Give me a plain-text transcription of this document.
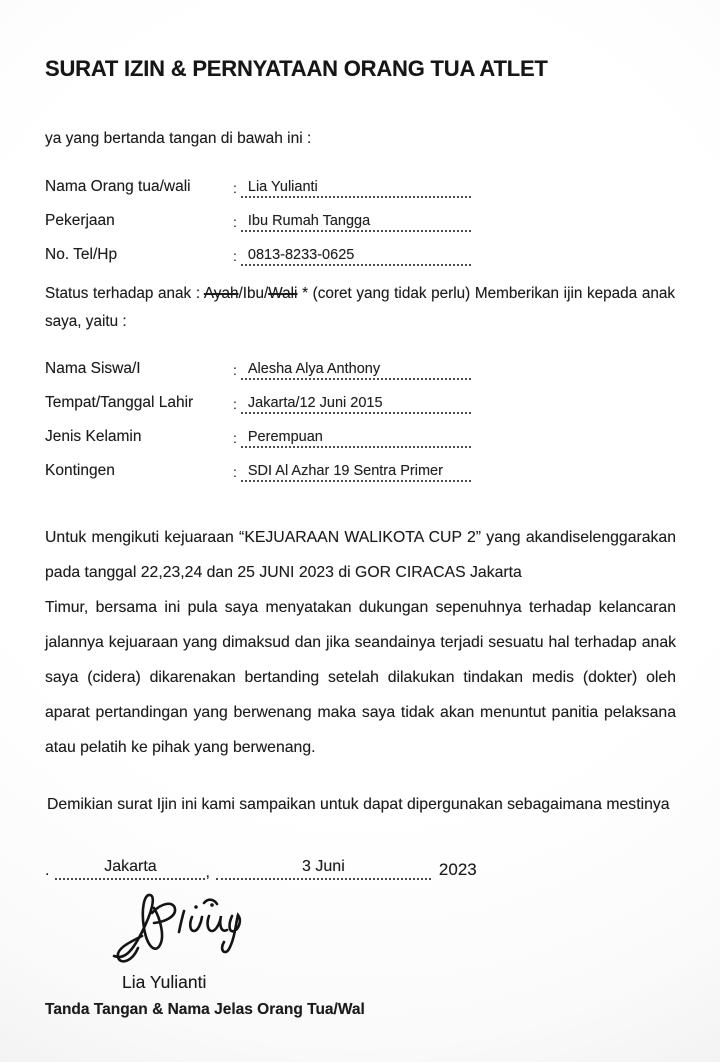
SURAT IZIN & PERNYATAAN ORANG TUA ATLET

ya yang bertanda tangan di bawah ini :

Nama Orang tua/wali	: Lia Yulianti
Pekerjaan	: Ibu Rumah Tangga
No. Tel/Hp	: 0813-8233-0625

Status terhadap anak : Ayah/Ibu/Wali * (coret yang tidak perlu) Memberikan ijin kepada anak saya, yaitu :

Nama Siswa/I	: Alesha Alya Anthony
Tempat/Tanggal Lahir	: Jakarta/12 Juni 2015
Jenis Kelamin	: Perempuan
Kontingen	: SDI Al Azhar 19 Sentra Primer

Untuk mengikuti kejuaraan “KEJUARAAN WALIKOTA CUP 2” yang akandiselenggarakan pada tanggal 22,23,24 dan 25 JUNI 2023 di GOR CIRACAS Jakarta

Timur, bersama ini pula saya menyatakan dukungan sepenuhnya terhadap kelancaran jalannya kejuaraan yang dimaksud dan jika seandainya terjadi sesuatu hal terhadap anak saya (cidera) dikarenakan bertanding setelah dilakukan tindakan medis (dokter) oleh aparat pertandingan yang berwenang maka saya tidak akan menuntut panitia pelaksana atau pelatih ke pihak yang berwenang.

Demikian surat Ijin ini kami sampaikan untuk dapat dipergunakan sebagaimana mestinya

.	Jakarta	,	3 Juni	2023
Lia Yulianti
Tanda Tangan & Nama Jelas Orang Tua/Wal
